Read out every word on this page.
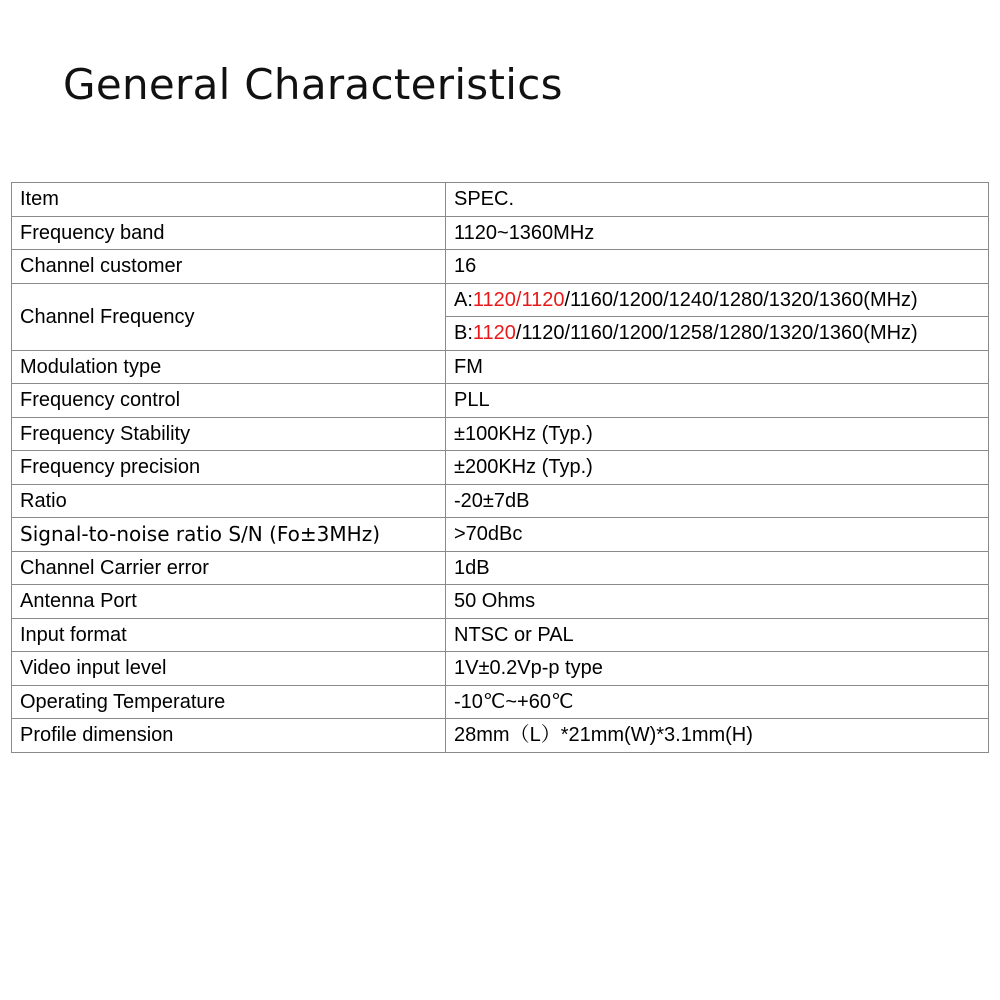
General Characteristics
Item	SPEC.
Frequency band	1120~1360MHz
Channel customer	16
Channel Frequency	A:1120/1120/1160/1200/1240/1280/1320/1360(MHz)
	B:1120/1120/1160/1200/1258/1280/1320/1360(MHz)
Modulation type	FM
Frequency control	PLL
Frequency Stability	±100KHz (Typ.)
Frequency precision	±200KHz (Typ.)
Ratio	-20±7dB
Signal-to-noise ratio S/N (Fo±3MHz)	>70dBc
Channel Carrier error	1dB
Antenna Port	50 Ohms
Input format	NTSC or PAL
Video input level	1V±0.2Vp-p type
Operating Temperature	-10℃~+60℃
Profile dimension	28mm（L）*21mm(W)*3.1mm(H)
